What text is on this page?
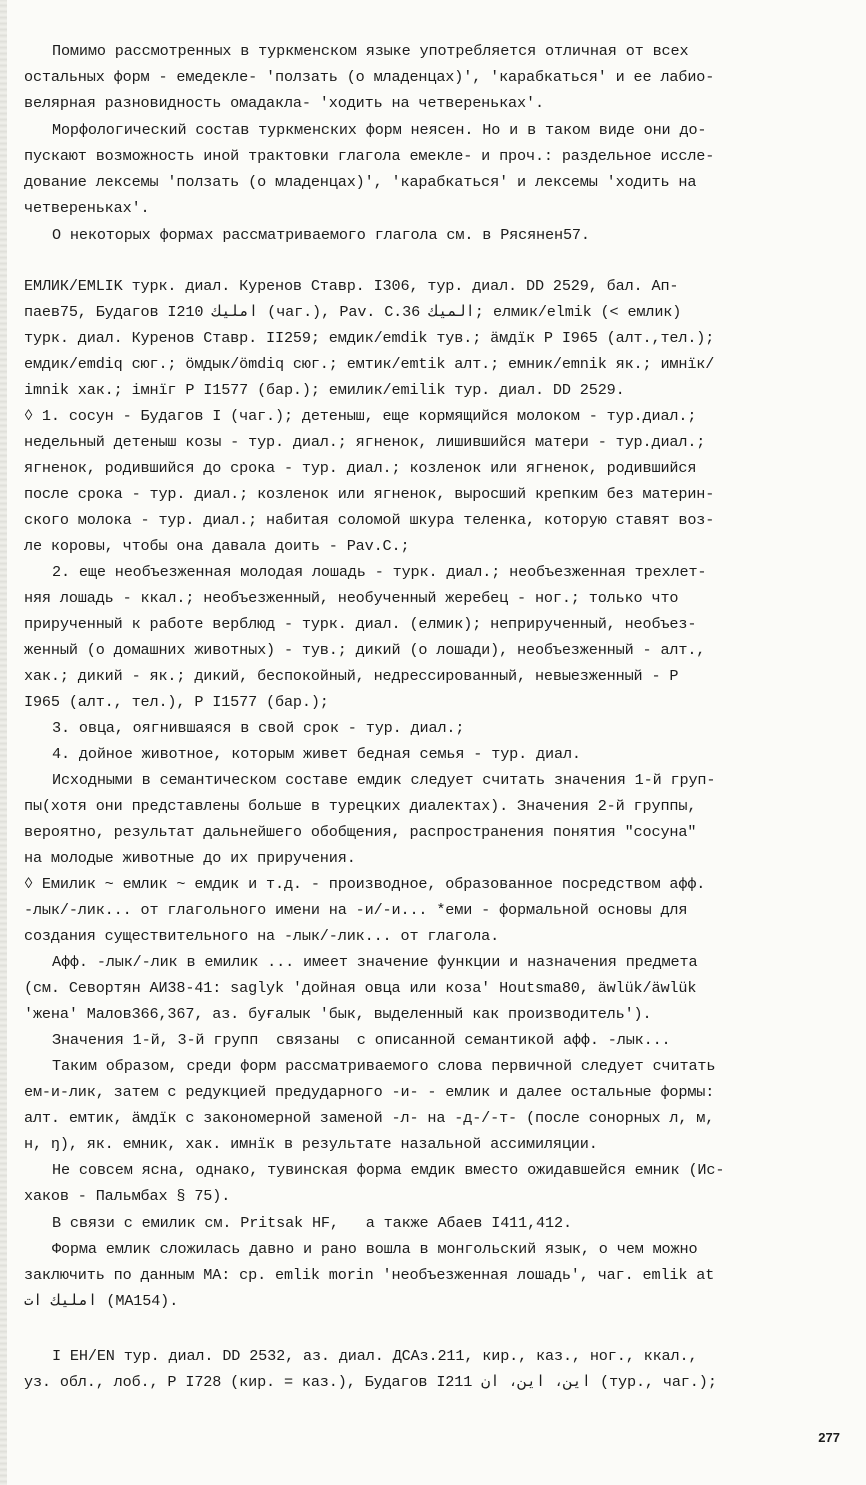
Помимо рассмотренных в туркменском языке употребляется отличная от всех
остальных форм - емедекле- 'ползать (о младенцах)', 'карабкаться' и ее лабио-
велярная разновидность омадакла- 'ходить на четвереньках'.
Морфологический состав туркменских форм неясен. Но и в таком виде они до-
пускают возможность иной трактовки глагола емекле- и проч.: раздельное иссле-
дование лексемы 'ползать (о младенцах)', 'карабкаться' и лексемы 'ходить на
четвереньках'.
О некоторых формах рассматриваемого глагола см. в Рясянен57.
ЕМЛИК/ЕМLIK турк. диал. Куренов Ставр. I306, тур. диал. DD 2529, бал. Ап-
паев75, Будагов I210 ﺍﻣﻠﯿﻚ (чаг.), Pav. C.36 ﺍﻟﻤﯿﻚ; елмик/elmik (< емлик)
турк. диал. Куренов Ставр. II259; емдик/emdik тув.; ӓмдïк Р I965 (алт.,тел.);
емдик/emdiq сюг.; ӧмдык/ömdiq сюг.; емтик/emtik алт.; емник/emnik як.; имнïк/
imnik хак.; імнïг Р I1577 (бар.); емилик/emilik тур. диал. DD 2529.
◊ 1. сосун - Будагов I (чаг.); детеныш, еще кормящийся молоком - тур.диал.;
недельный детеныш козы - тур. диал.; ягненок, лишившийся матери - тур.диал.;
ягненок, родившийся до срока - тур. диал.; козленок или ягненок, родившийся
после срока - тур. диал.; козленок или ягненок, выросший крепким без материн-
ского молока - тур. диал.; набитая соломой шкура теленка, которую ставят воз-
ле коровы, чтобы она давала доить - Pav.C.;
2. еще необъезженная молодая лошадь - турк. диал.; необъезженная трехлет-
няя лошадь - ккал.; необъезженный, необученный жеребец - ног.; только что
прирученный к работе верблюд - турк. диал. (елмик); неприрученный, необъез-
женный (о домашних животных) - тув.; дикий (о лошади), необъезженный - алт.,
хак.; дикий - як.; дикий, беспокойный, недрессированный, невыезженный - Р
I965 (алт., тел.), Р I1577 (бар.);
3. овца, оягнившаяся в свой срок - тур. диал.;
4. дойное животное, которым живет бедная семья - тур. диал.
Исходными в семантическом составе емдик следует считать значения 1-й груп-
пы(хотя они представлены больше в турецких диалектах). Значения 2-й группы,
вероятно, результат дальнейшего обобщения, распространения понятия "сосуна"
на молодые животные до их приручения.
◊ Емилик ~ емлик ~ емдик и т.д. - производное, образованное посредством афф.
-лык/-лик... от глагольного имени на -и/-и... *еми - формальной основы для
создания существительного на -лык/-лик... от глагола.
Афф. -лык/-лик в емилик ... имеет значение функции и назначения предмета
(см. Севортян АИ38-41: saglyk 'дойная овца или коза' Houtsma80, äwlük/äwlük
'жена' Малов366,367, аз. буғалык 'бык, выделенный как производитель').
Значения 1-й, 3-й групп  связаны  с описанной семантикой афф. -лык...
Таким образом, среди форм рассматриваемого слова первичной следует считать
ем-и-лик, затем с редукцией предударного -и- - емлик и далее остальные формы:
алт. емтик, ӓмдïк с закономерной заменой -л- на -д-/-т- (после сонорных л, м,
н, ŋ), як. емник, хак. имнïк в результате назальной ассимиляции.
Не совсем ясна, однако, тувинская форма емдик вместо ожидавшейся емник (Ис-
хаков - Пальмбах § 75).
В связи с емилик см. Pritsak HF,   а также Абаев I411,412.
Форма емлик сложилась давно и рано вошла в монгольский язык, о чем можно
заключить по данным МА: ср. emlik morin 'необъезженная лошадь', чаг. emlik at
ﺍﻣﻠﯿﻚ ﺍﺕ (МА154).
I ЕН/ЕN тур. диал. DD 2532, аз. диал. ДСАз.211, кир., каз., ног., ккал.,
уз. обл., лоб., Р I728 (кир. = каз.), Будагов I211 ﺍﯾﻦ، ﺍﯾﻦ، ﺍﻥ (тур., чаг.);
277
